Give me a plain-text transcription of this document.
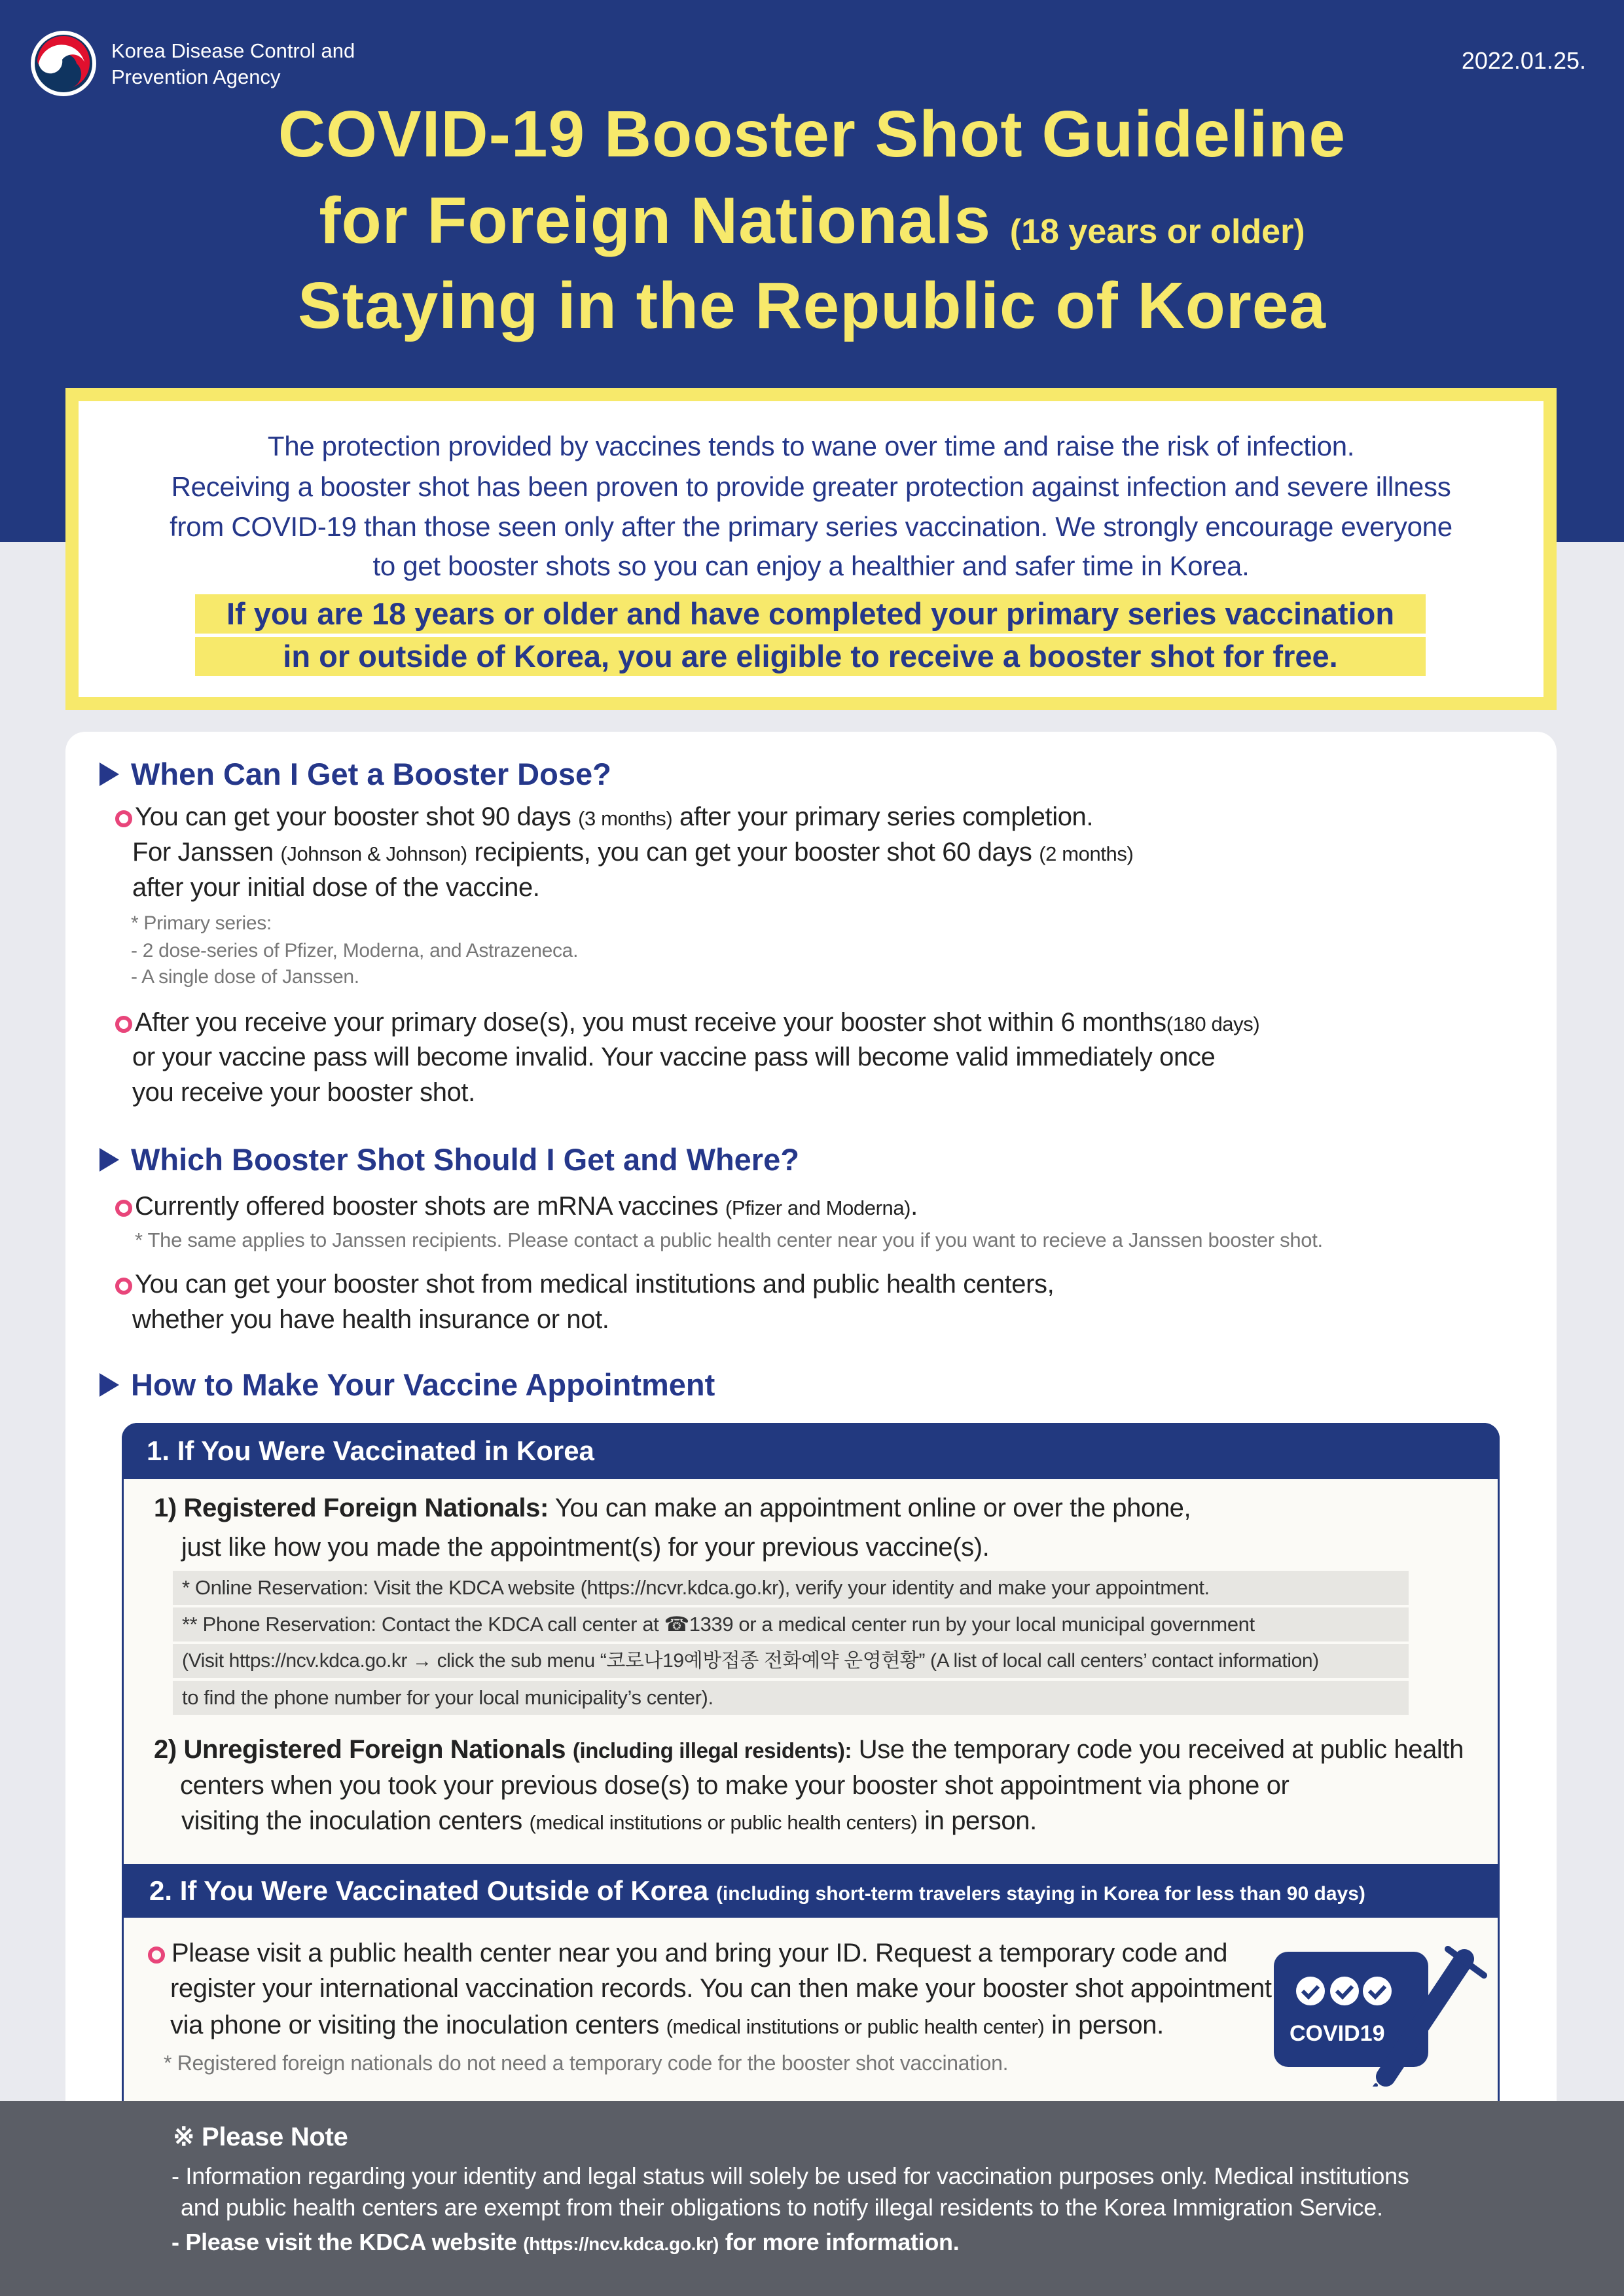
Korea Disease Control and
Prevention Agency
2022.01.25.
COVID-19 Booster Shot Guideline
for Foreign Nationals (18 years or older)
Staying in the Republic of Korea
The protection provided by vaccines tends to wane over time and raise the risk of infection.
Receiving a booster shot has been proven to provide greater protection against infection and severe illness
from COVID-19 than those seen only after the primary series vaccination. We strongly encourage everyone
to get booster shots so you can enjoy a healthier and safer time in Korea.
If you are 18 years or older and have completed your primary series vaccination
in or outside of Korea, you are eligible to receive a booster shot for free.
When Can I Get a Booster Dose?
You can get your booster shot 90 days (3 months) after your primary series completion.
For Janssen (Johnson & Johnson) recipients, you can get your booster shot 60 days (2 months)
after your initial dose of the vaccine.
* Primary series:
- 2 dose-series of Pfizer, Moderna, and Astrazeneca.
- A single dose of Janssen.
After you receive your primary dose(s), you must receive your booster shot within 6 months(180 days)
or your vaccine pass will become invalid. Your vaccine pass will become valid immediately once
you receive your booster shot.
Which Booster Shot Should I Get and Where?
Currently offered booster shots are mRNA vaccines (Pfizer and Moderna).
* The same applies to Janssen recipients. Please contact a public health center near you if you want to recieve a Janssen booster shot.
You can get your booster shot from medical institutions and public health centers,
whether you have health insurance or not.
How to Make Your Vaccine Appointment
1. If You Were Vaccinated in Korea
1) Registered Foreign Nationals: You can make an appointment online or over the phone,
just like how you made the appointment(s) for your previous vaccine(s).
* Online Reservation: Visit the KDCA website (https://ncvr.kdca.go.kr), verify your identity and make your appointment.
** Phone Reservation: Contact the KDCA call center at ☎1339 or a medical center run by your local municipal government
(Visit https://ncv.kdca.go.kr → click the sub menu “코로나19예방접종 전화예약 운영현황” (A list of local call centers’ contact information)
to find the phone number for your local municipality’s center).
2) Unregistered Foreign Nationals (including illegal residents): Use the temporary code you received at public health
centers when you took your previous dose(s) to make your booster shot appointment via phone or
visiting the inoculation centers (medical institutions or public health centers) in person.
2. If You Were Vaccinated Outside of Korea (including short-term travelers staying in Korea for less than 90 days)
Please visit a public health center near you and bring your ID. Request a temporary code and
register your international vaccination records. You can then make your booster shot appointment
via phone or visiting the inoculation centers (medical institutions or public health center) in person.
* Registered foreign nationals do not need a temporary code for the booster shot vaccination.
COVID19
※ Please Note
- Information regarding your identity and legal status will solely be used for vaccination purposes only. Medical institutions
and public health centers are exempt from their obligations to notify illegal residents to the Korea Immigration Service.
- Please visit the KDCA website (https://ncv.kdca.go.kr) for more information.
